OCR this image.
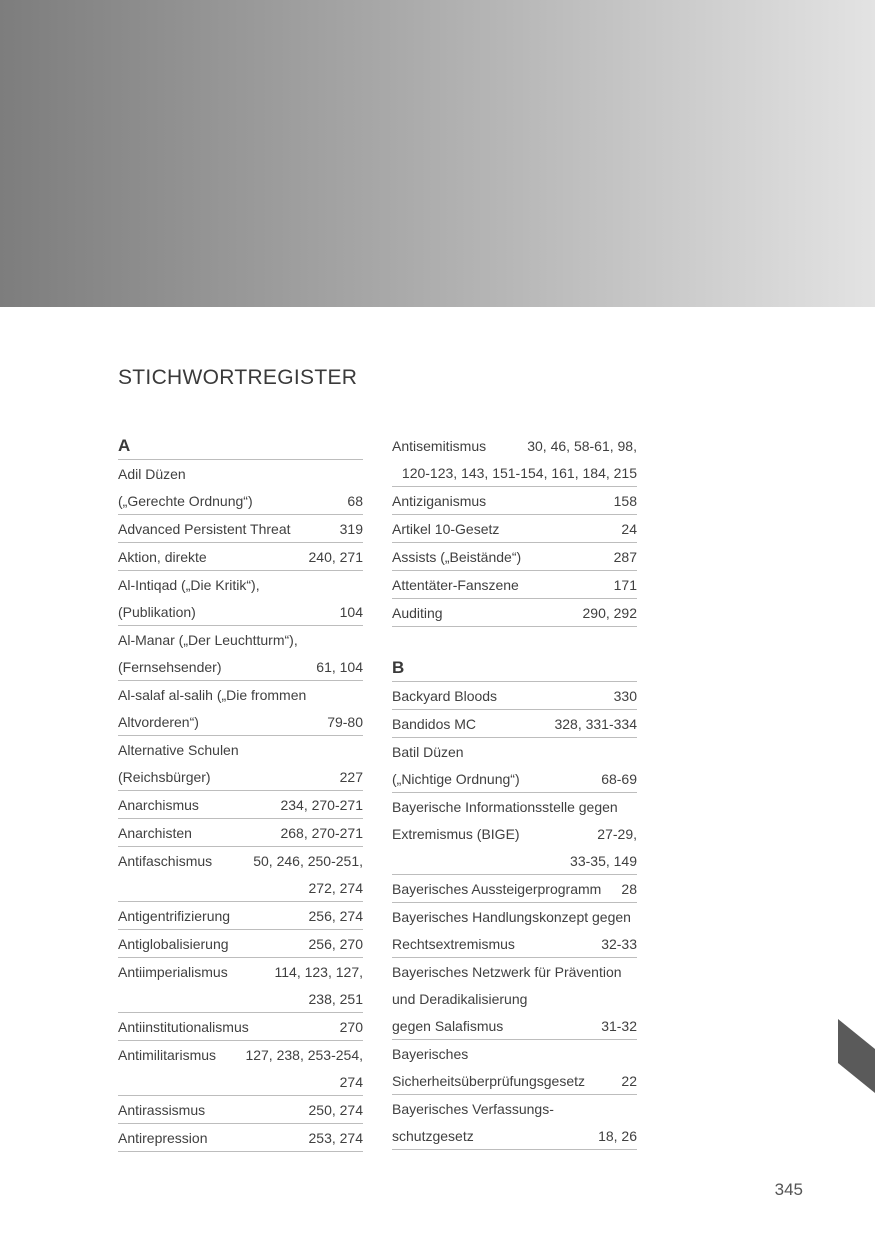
STICHWORTREGISTER
A
Adil Düzen
(„Gerechte Ordnung“)	68
Advanced Persistent Threat	319
Aktion, direkte	240, 271
Al-Intiqad („Die Kritik“),
(Publikation)	104
Al-Manar („Der Leuchtturm“),
(Fernsehsender)	61, 104
Al-salaf al-salih („Die frommen
Altvorderen“)	79-80
Alternative Schulen
(Reichsbürger)	227
Anarchismus	234, 270-271
Anarchisten	268, 270-271
Antifaschismus	50, 246, 250-251,
272, 274
Antigentrifizierung	256, 274
Antiglobalisierung	256, 270
Antiimperialismus	114, 123, 127,
238, 251
Antiinstitutionalismus	270
Antimilitarismus	127, 238, 253-254,
274
Antirassismus	250, 274
Antirepression	253, 274
Antisemitismus	30, 46, 58-61, 98,
120-123, 143, 151-154, 161, 184, 215
Antiziganismus	158
Artikel 10-Gesetz	24
Assists („Beistände“)	287
Attentäter-Fanszene	171
Auditing	290, 292
B
Backyard Bloods	330
Bandidos MC	328, 331-334
Batil Düzen
(„Nichtige Ordnung“)	68-69
Bayerische Informationsstelle gegen
Extremismus (BIGE)	27-29,
33-35, 149
Bayerisches Aussteigerprogramm	28
Bayerisches Handlungskonzept gegen
Rechtsextremismus	32-33
Bayerisches Netzwerk für Prävention
und Deradikalisierung
gegen Salafismus	31-32
Bayerisches
Sicherheitsüberprüfungsgesetz	22
Bayerisches Verfassungs-
schutzgesetz	18, 26
345
